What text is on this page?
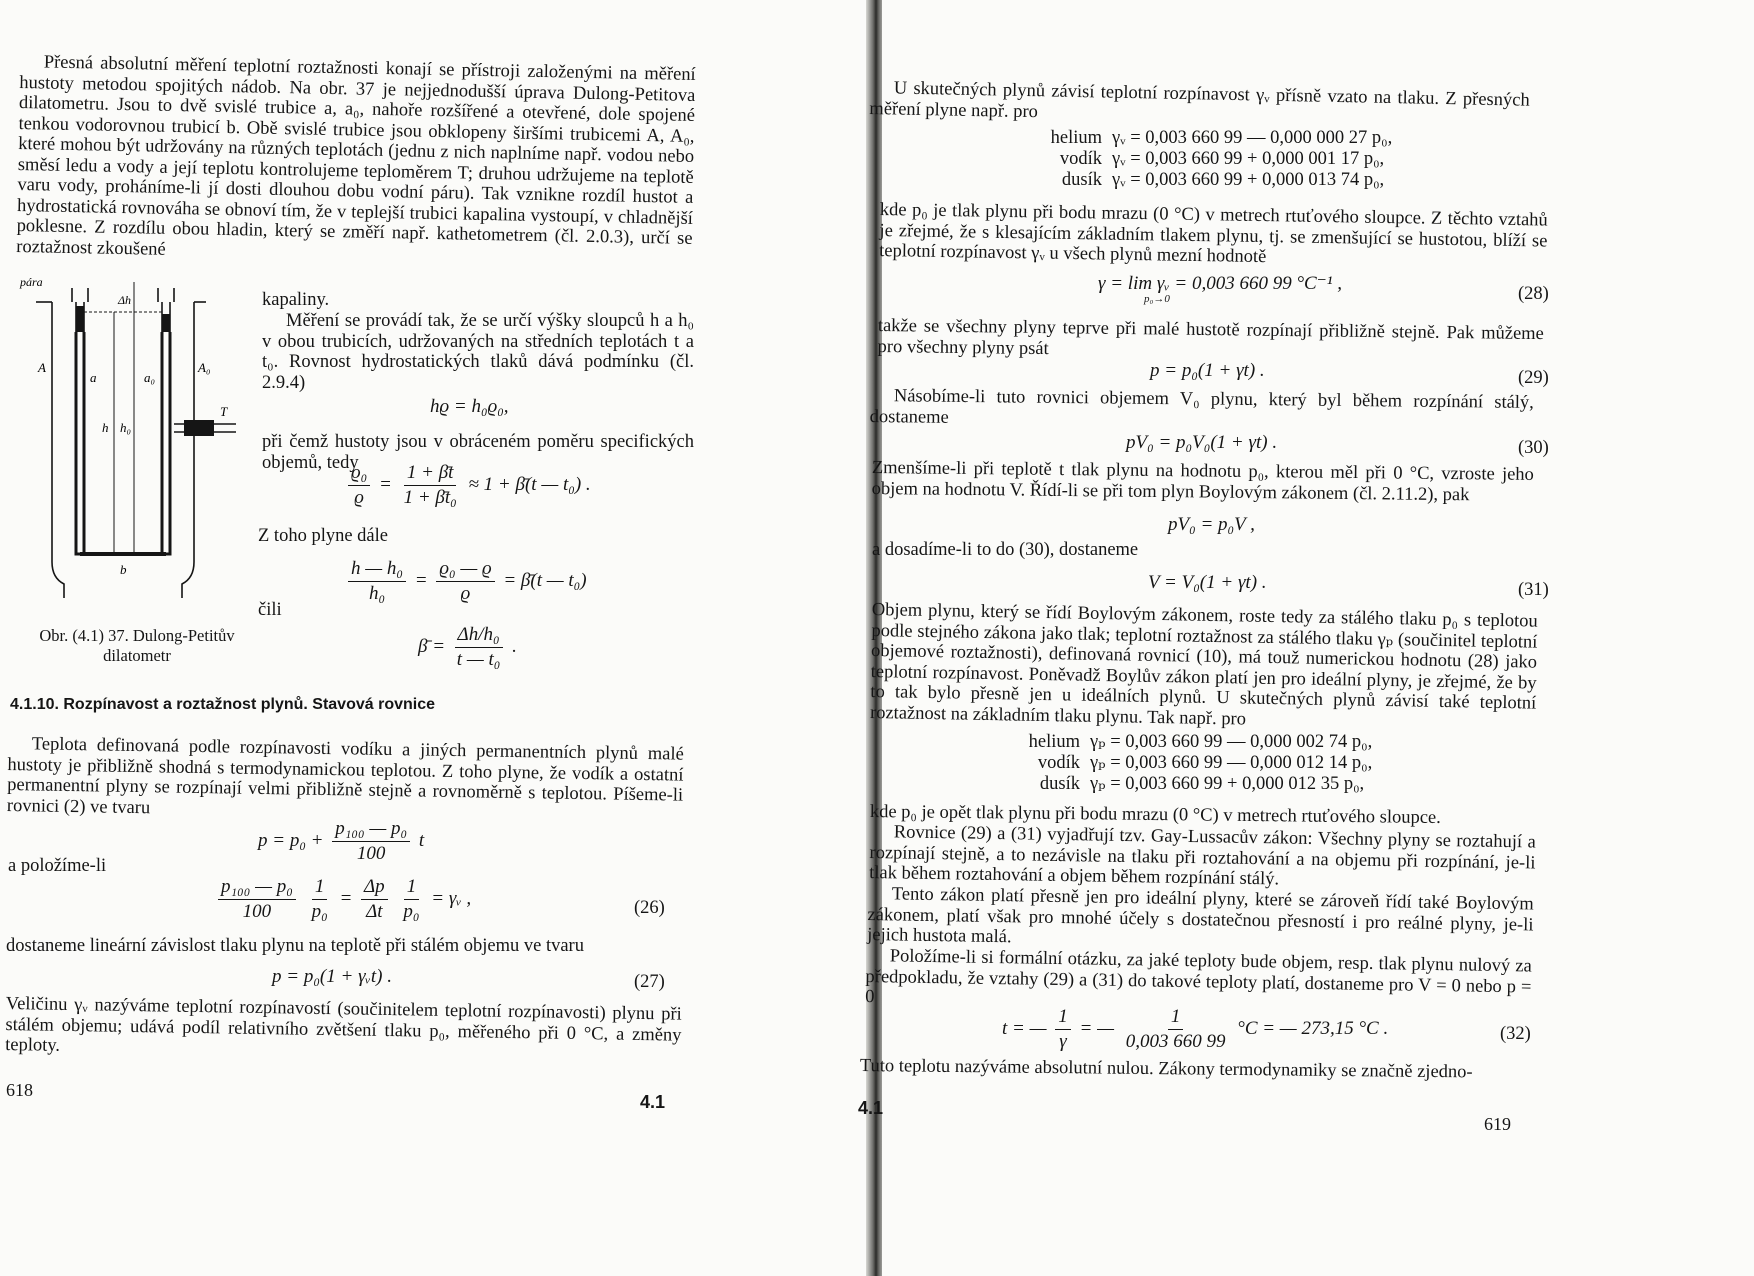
Přesná absolutní měření teplotní roztažnosti konají se přístroji založenými na měření hustoty metodou spojitých nádob. Na obr. 37 je nejjednodušší úprava Dulong-Petitova dilatometru. Jsou to dvě svislé trubice a, a₀, nahoře rozšířené a otevřené, dole spojené tenkou vodorovnou trubicí b. Obě svislé trubice jsou obklopeny širšími trubicemi A, A₀, které mohou být udržovány na různých teplotách (jednu z nich naplníme např. vodou nebo směsí ledu a vody a její teplotu kontrolujeme teploměrem T; druhou udržujeme na teplotě varu vody, proháníme-li jí dosti dlouhou dobu vodní páru). Tak vznikne rozdíl hustot a hydrostatická rovnováha se obnoví tím, že v teplejší trubici kapalina vystoupí, v chladnější poklesne. Z rozdílu obou hladin, který se změří např. kathetometrem (čl. 2.0.3), určí se roztažnost zkoušené

pára
A
a	a₀
A₀
h h₀
Δh
T
b
Obr. (4.1) 37. Dulong-Petitův
dilatometr

kapaliny.

Měření se provádí tak, že se určí výšky sloupců h a h₀ v obou trubicích, udržovaných na středních teplotách t a t₀. Rovnost hydrostatických tlaků dává podmínku (čl. 2.9.4)

hϱ = h₀ϱ₀,

při čemž hustoty jsou v obráceném poměru specifických objemů, tedy

$\frac{\text{ϱ₀}}{ϱ} = \frac{1 + \betāt}{\text{1 + β̄t₀}} \approx 1$ + β̄(t — t₀) .

Z toho plyne dále

$\frac{\text{h — h₀}}{\text{h₀}} = \frac{\text{ϱ₀ — ϱ}}{ϱ}$ = β̄(t — t₀)

čili

β̄ = $\frac{\text{Δh/h₀}}{\text{t — t₀}}$ .
4.1.10. Rozpínavost a roztažnost plynů. Stavová rovnice

Teplota definovaná podle rozpínavosti vodíku a jiných permanentních plynů malé hustoty je přibližně shodná s termodynamickou teplotou. Z toho plyne, že vodík a ostatní permanentní plyny se rozpínají velmi přibližně stejně a rovnoměrně s teplotou. Píšeme-li rovnici (2) ve tvaru

$p = p_0 + \frac{\text{p₁₀₀ — p₀}}{100}$ t

a položíme-li

$\frac{\text{p₁₀₀ — p₀}}{100}$
$\frac{1}{\text{p₀}} = \frac{\Delta p}{\Delta t}$
$\frac{1}{\text{p₀}}$ = γᵥ ,	(26)

dostaneme lineární závislost tlaku plynu na teplotě při stálém objemu ve tvaru

p = p₀(1 + γᵥt) .	(27)

Veličinu γᵥ nazýváme teplotní rozpínavostí (součinitelem teplotní rozpínavosti) plynu při stálém objemu; udává podíl relativního zvětšení tlaku p₀, měřeného při 0 °C, a změny teploty.

618
4.1

U skutečných plynů závisí teplotní rozpínavost γᵥ přísně vzato na tlaku. Z přesných měření plyne např. pro

helium γᵥ = 0,003 660 99 — 0,000 000 27 p₀,
vodík γᵥ = 0,003 660 99 + 0,000 001 17 p₀,
dusík γᵥ = 0,003 660 99 + 0,000 013 74 p₀,

kde p₀ je tlak plynu při bodu mrazu (0 °C) v metrech rtuťového sloupce. Z těchto vztahů je zřejmé, že s klesajícím základním tlakem plynu, tj. se zmenšující se hustotou, blíží se teplotní rozpínavost γᵥ u všech plynů mezní hodnotě

γ = lim γᵥ = 0,003 660 99 °C⁻¹ ,
p₀→0	(28)

takže se všechny plyny teprve při malé hustotě rozpínají přibližně stejně. Pak můžeme pro všechny plyny psát

p = p₀(1 + γt) .	(29)

Násobíme-li tuto rovnici objemem V₀ plynu, který byl během rozpínání stálý, dostaneme

pV₀ = p₀V₀(1 + γt) .	(30)

Zmenšíme-li při teplotě t tlak plynu na hodnotu p₀, kterou měl při 0 °C, vzroste jeho objem na hodnotu V. Řídí-li se při tom plyn Boylovým zákonem (čl. 2.11.2), pak

pV₀ = p₀V ,

a dosadíme-li to do (30), dostaneme

V = V₀(1 + γt) .	(31)

Objem plynu, který se řídí Boylovým zákonem, roste tedy za stálého tlaku p₀ s teplotou podle stejného zákona jako tlak; teplotní roztažnost za stálého tlaku γₚ (součinitel teplotní objemové roztažnosti), definovaná rovnicí (10), má touž numerickou hodnotu (28) jako teplotní rozpínavost. Poněvadž Boylův zákon platí jen pro ideální plyny, je zřejmé, že by to tak bylo přesně jen u ideálních plynů. U skutečných plynů závisí také teplotní roztažnost na základním tlaku plynu. Tak např. pro

helium γₚ = 0,003 660 99 — 0,000 002 74 p₀,
vodík γₚ = 0,003 660 99 — 0,000 012 14 p₀,
dusík γₚ = 0,003 660 99 + 0,000 012 35 p₀,

kde p₀ je opět tlak plynu při bodu mrazu (0 °C) v metrech rtuťového sloupce.

Rovnice (29) a (31) vyjadřují tzv. Gay-Lussacův zákon: Všechny plyny se roztahují a rozpínají stejně, a to nezávisle na tlaku při roztahování a na objemu při rozpínání, je-li tlak během roztahování a objem během rozpínání stálý.

Tento zákon platí přesně jen pro ideální plyny, které se zároveň řídí také Boylovým zákonem, platí však pro mnohé účely s dostatečnou přesností i pro reálné plyny, je-li jejich hustota malá.

Položíme-li si formální otázku, za jaké teploty bude objem, resp. tlak plynu nulový za předpokladu, že vztahy (29) a (31) do takové teploty platí, dostaneme pro V = 0 nebo p = 0

t = — $\frac{1}{\gamma}$ = — $\frac{1}{0,003 660 99} ^\circ C$ = — 273,15 °C .	(32)

Tuto teplotu nazýváme absolutní nulou. Zákony termodynamiky se značně zjedno-

4.1
619
